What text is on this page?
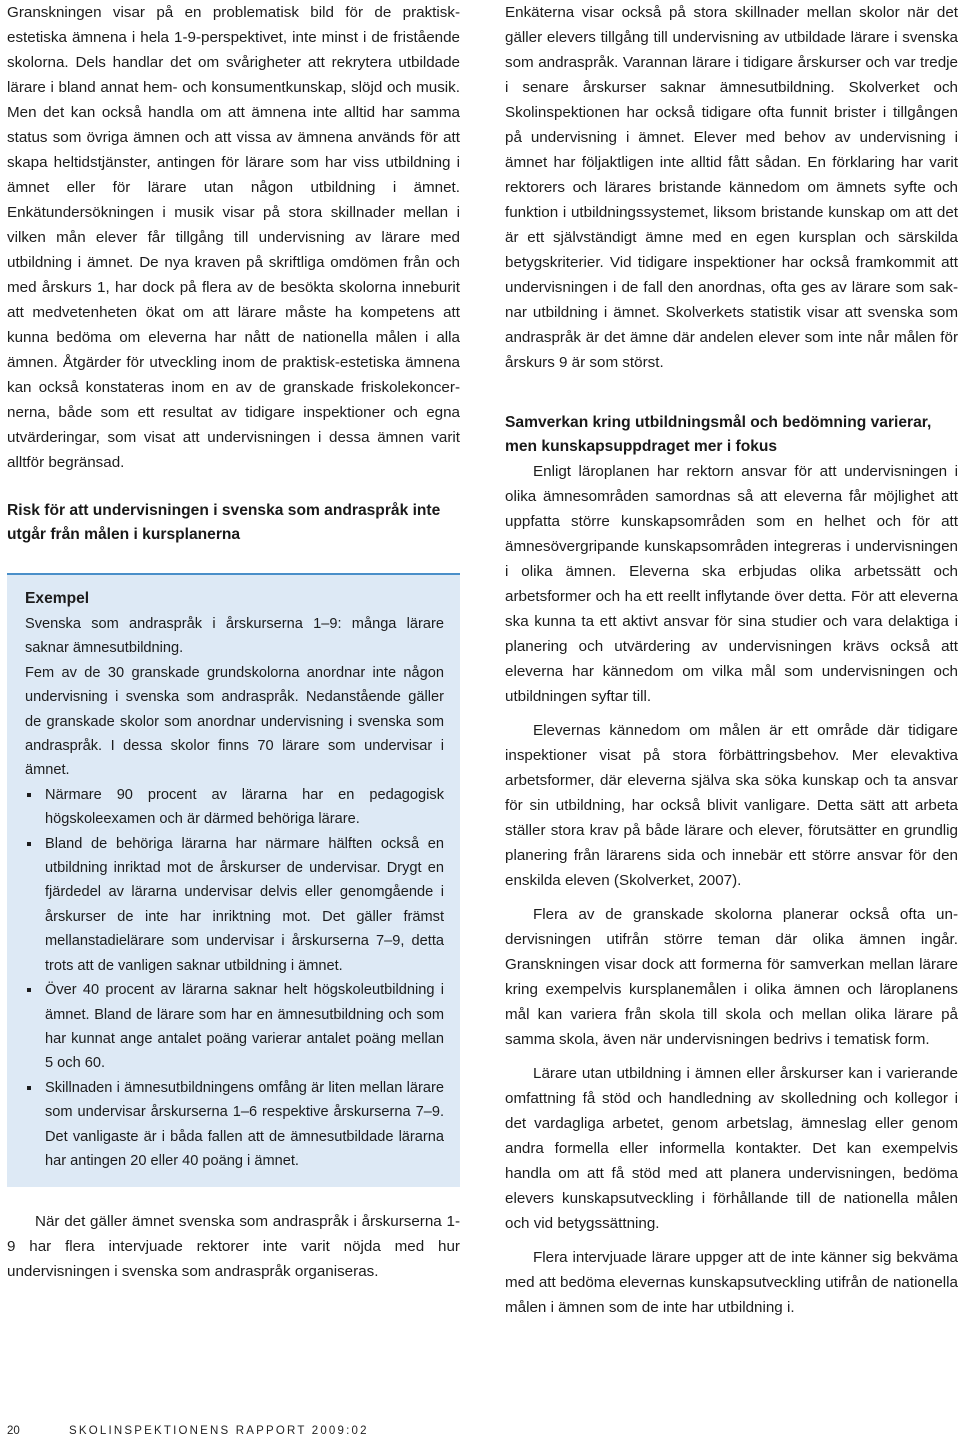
Granskningen visar på en problematisk bild för de praktisk-estetiska ämnena i hela 1-9-perspektivet, inte minst i de fristående skolorna. Dels handlar det om svårigheter att rekrytera utbildade lärare i bland annat hem- och konsumentkunskap, slöjd och musik. Men det kan också handla om att ämnena inte alltid har samma status som övriga ämnen och att vissa av ämnena används för att skapa heltidstjänster, antingen för lärare som har viss utbildning i ämnet eller för lärare utan någon utbildning i ämnet. Enkätundersökningen i musik visar på stora skillnader mellan i vilken mån elever får tillgång till undervisning av lärare med utbildning i ämnet. De nya kraven på skriftliga omdömen från och med årskurs 1, har dock på flera av de besökta skolorna inneburit att medvetenheten ökat om att lärare måste ha kompetens att kunna bedöma om eleverna har nått de nationella målen i alla ämnen. Åtgärder för utveckling inom de praktisk-estetiska ämnena kan också konstateras inom en av de granskade friskolekoncernerna, både som ett resultat av tidigare inspektioner och egna utvärderingar, som visat att undervisningen i dessa ämnen varit alltför begränsad.

Risk för att undervisningen i svenska som andraspråk inte utgår från målen i kursplanerna
Exempel

Svenska som andraspråk i årskurserna 1–9: många lärare saknar ämnesutbildning.

Fem av de 30 granskade grundskolorna anordnar inte någon undervisning i svenska som andraspråk. Nedanstående gäller de granskade skolor som anordnar undervisning i svenska som andraspråk. I dessa skolor finns 70 lärare som undervisar i ämnet.

Närmare 90 procent av lärarna har en pedagogisk högskoleexamen och är därmed behöriga lärare.
Bland de behöriga lärarna har närmare hälften också en utbildning inriktad mot de årskurser de undervisar. Drygt en fjärdedel av lärarna undervisar delvis eller genomgående i årskurser de inte har inriktning mot. Det gäller främst mellanstadielärare som undervisar i årskurserna 7–9, detta trots att de vanligen saknar utbildning i ämnet.
Över 40 procent av lärarna saknar helt högskoleutbildning i ämnet. Bland de lärare som har en ämnesutbildning och som har kunnat ange antalet poäng varierar antalet poäng mellan 5 och 60.
Skillnaden i ämnesutbildningens omfång är liten mellan lärare som undervisar årskurserna 1–6 respektive årskurserna 7–9. Det vanligaste är i båda fallen att de ämnesutbildade lärarna har antingen 20 eller 40 poäng i ämnet.

När det gäller ämnet svenska som andraspråk i årskurserna 1-9 har flera intervjuade rektorer inte varit nöjda med hur undervisningen i svenska som andraspråk organiseras.

Enkäterna visar också på stora skillnader mellan skolor när det gäller elevers tillgång till undervisning av utbildade lärare i svenska som andraspråk. Varannan lärare i tidigare årskurser och var tredje i senare årskurser saknar ämnesutbildning. Skolverket och Skolinspektionen har också tidigare ofta funnit brister i tillgången på undervisning i ämnet. Elever med behov av undervisning i ämnet har följaktligen inte alltid fått sådan. En förklaring har varit rektorers och lärares bristande kännedom om ämnets syfte och funktion i utbildningssystemet, liksom bristande kunskap om att det är ett självständigt ämne med en egen kursplan och särskilda betygskriterier. Vid tidigare inspektioner har också framkommit att undervisningen i de fall den anordnas, ofta ges av lärare som saknar utbildning i ämnet. Skolverkets statistik visar att svenska som andraspråk är det ämne där andelen elever som inte når målen för årskurs 9 är som störst.

Samverkan kring utbildningsmål och bedömning varierar, men kunskapsuppdraget mer i fokus

Enligt läroplanen har rektorn ansvar för att undervisningen i olika ämnesområden samordnas så att eleverna får möjlighet att uppfatta större kunskapsområden som en helhet och för att ämnesövergripande kunskapsområden integreras i undervisningen i olika ämnen. Eleverna ska erbjudas olika arbetssätt och arbetsformer och ha ett reellt inflytande över detta. För att eleverna ska kunna ta ett aktivt ansvar för sina studier och vara delaktiga i planering och utvärdering av undervisningen krävs också att eleverna har kännedom om vilka mål som undervisningen och utbildningen syftar till.

Elevernas kännedom om målen är ett område där tidigare inspektioner visat på stora förbättringsbehov. Mer elevaktiva arbetsformer, där eleverna själva ska söka kunskap och ta ansvar för sin utbildning, har också blivit vanligare. Detta sätt att arbeta ställer stora krav på både lärare och elever, förutsätter en grundlig planering från lärarens sida och innebär ett större ansvar för den enskilda eleven (Skolverket, 2007).

Flera av de granskade skolorna planerar också ofta undervisningen utifrån större teman där olika ämnen ingår. Granskningen visar dock att formerna för samverkan mellan lärare kring exempelvis kursplanemålen i olika ämnen och läroplanens mål kan variera från skola till skola och mellan olika lärare på samma skola, även när undervisningen bedrivs i tematisk form.

Lärare utan utbildning i ämnen eller årskurser kan i varierande omfattning få stöd och handledning av skolledning och kollegor i det vardagliga arbetet, genom arbetslag, ämneslag eller genom andra formella eller informella kontakter. Det kan exempelvis handla om att få stöd med att planera undervisningen, bedöma elevers kunskapsutveckling i förhållande till de nationella målen och vid betygssättning.

Flera intervjuade lärare uppger att de inte känner sig bekväma med att bedöma elevernas kunskapsutveckling utifrån de nationella målen i ämnen som de inte har utbildning i.

20	SKOLINSPEKTIONENS RAPPORT 2009:02
